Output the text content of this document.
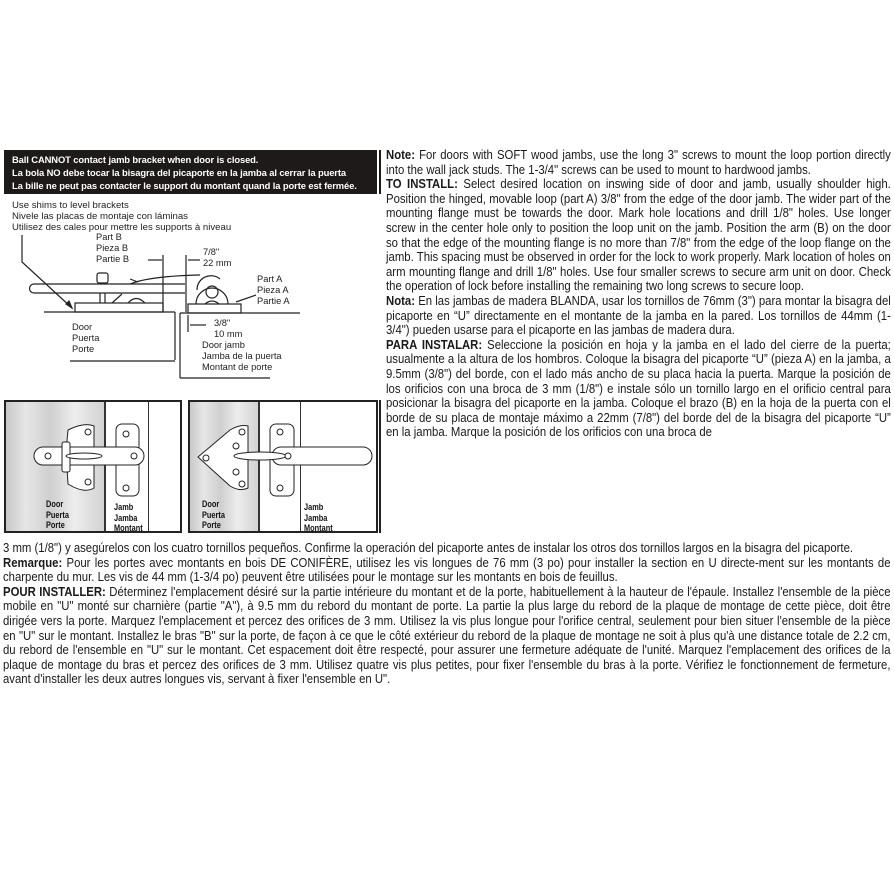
Ball CANNOT contact jamb bracket when door is closed.
La bola NO debe tocar la bisagra del picaporte en la jamba al cerrar la puerta
La bille ne peut pas contacter le support du montant quand la porte est fermée.
Use shims to level brackets
Nivele las placas de montaje con láminas
Utilisez des cales pour mettre les supports à niveau
Part B
Pieza B
Partie B
7/8"
22 mm
Part A
Pieza A
Partie A
3/8"
10 mm
Door
Puerta
Porte	Door jamb
Jamba de la puerta
Montant de porte
Door
Puerta
Porte
Jamb
Jamba
Montant
Door
Puerta
Porte
Jamb
Jamba
Montant

Note: For doors with SOFT wood jambs, use the long 3" screws to mount the loop portion directly into the wall jack studs. The 1-3/4" screws can be used to mount to hardwood jambs.

TO INSTALL: Select desired location on inswing side of door and jamb, usually shoulder high. Position the hinged, movable loop (part A) 3/8" from the edge of the door jamb. The wider part of the mounting flange must be towards the door. Mark hole locations and drill 1/8" holes. Use longer screw in the center hole only to position the loop unit on the jamb. Position the arm (B) on the door so that the edge of the mounting flange is no more than 7/8" from the edge of the loop flange on the jamb. This spacing must be observed in order for the lock to work properly. Mark location of holes on arm mounting flange and drill 1/8" holes. Use four smaller screws to secure arm unit on door. Check the operation of lock before installing the remaining two long screws to secure loop.

Nota: En las jambas de madera BLANDA, usar los tornillos de 76mm (3") para montar la bisagra del picaporte en “U” directamente en el montante de la jamba en la pared. Los tornillos de 44mm (1-3/4") pueden usarse para el picaporte en las jambas de madera dura.

PARA INSTALAR: Seleccione la posición en hoja y la jamba en el lado del cierre de la puerta; usualmente a la altura de los hombros. Coloque la bisagra del picaporte “U” (pieza A) en la jamba, a 9.5mm (3/8") del borde, con el lado más ancho de su placa hacia la puerta. Marque la posición de los orificios con una broca de 3 mm (1/8") e instale sólo un tornillo largo en el orificio central para posicionar la bisagra del picaporte en la jamba. Coloque el brazo (B) en la hoja de la puerta con el borde de su placa de montaje máximo a 22mm (7/8") del borde del de la bisagra del picaporte “U” en la jamba. Marque la posición de los orificios con una broca de

3 mm (1/8") y asegúrelos con los cuatro tornillos pequeños. Confirme la operación del picaporte antes de instalar los otros dos tornillos largos en la bisagra del picaporte.

Remarque: Pour les portes avec montants en bois DE CONIFÈRE, utilisez les vis longues de 76 mm (3 po) pour installer la section en U directe-ment sur les montants de charpente du mur. Les vis de 44 mm (1-3/4 po) peuvent être utilisées pour le montage sur les montants en bois de feuillus.

POUR INSTALLER: Déterminez l'emplacement désiré sur la partie intérieure du montant et de la porte, habituellement à la hauteur de l'épaule. Installez l'ensemble de la pièce mobile en "U" monté sur charnière (partie "A"), à 9.5 mm du rebord du montant de porte. La partie la plus large du rebord de la plaque de montage de cette pièce, doit être dirigée vers la porte. Marquez l'emplacement et percez des orifices de 3 mm. Utilisez la vis plus longue pour l'orifice central, seulement pour bien situer l'ensemble de la pièce en "U" sur le montant. Installez le bras "B" sur la porte, de façon à ce que le côté extérieur du rebord de la plaque de montage ne soit à plus qu'à une distance totale de 2.2 cm, du rebord de l'ensemble en "U" sur le montant. Cet espacement doit être respecté, pour assurer une fermeture adéquate de l'unité. Marquez l'emplacement des orifices de la plaque de montage du bras et percez des orifices de 3 mm. Utilisez quatre vis plus petites, pour fixer l'ensemble du bras à la porte. Vérifiez le fonctionnement de fermeture, avant d'installer les deux autres longues vis, servant à fixer l'ensemble en U".
